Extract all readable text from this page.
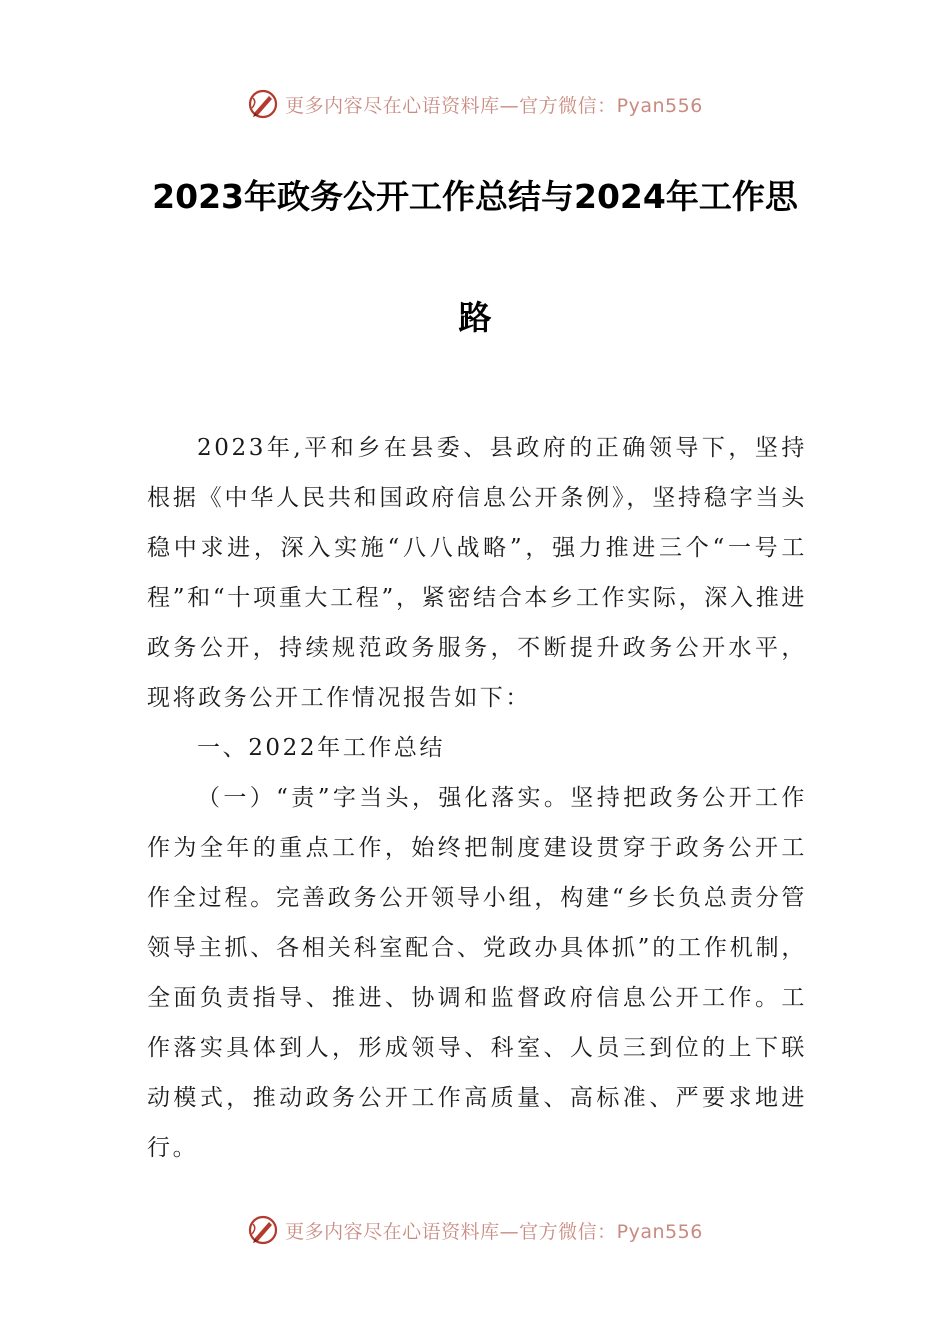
更多内容尽在心语资料库—官方微信：Pyan556
2023年政务公开工作总结与2024年工作思
路

2023年,平和乡在县委、县政府的正确领导下，坚持根据《中华人民共和国政府信息公开条例》，坚持稳字当头稳中求进，深入实施“八八战略”，强力推进三个“一号工程”和“十项重大工程”，紧密结合本乡工作实际，深入推进政务公开，持续规范政务服务，不断提升政务公开水平，现将政务公开工作情况报告如下：

一、2022年工作总结

（一）“责”字当头，强化落实。坚持把政务公开工作作为全年的重点工作，始终把制度建设贯穿于政务公开工作全过程。完善政务公开领导小组，构建“乡长负总责分管领导主抓、各相关科室配合、党政办具体抓”的工作机制，全面负责指导、推进、协调和监督政府信息公开工作。工作落实具体到人，形成领导、科室、人员三到位的上下联动模式，推动政务公开工作高质量、高标准、严要求地进行。

更多内容尽在心语资料库—官方微信：Pyan556
